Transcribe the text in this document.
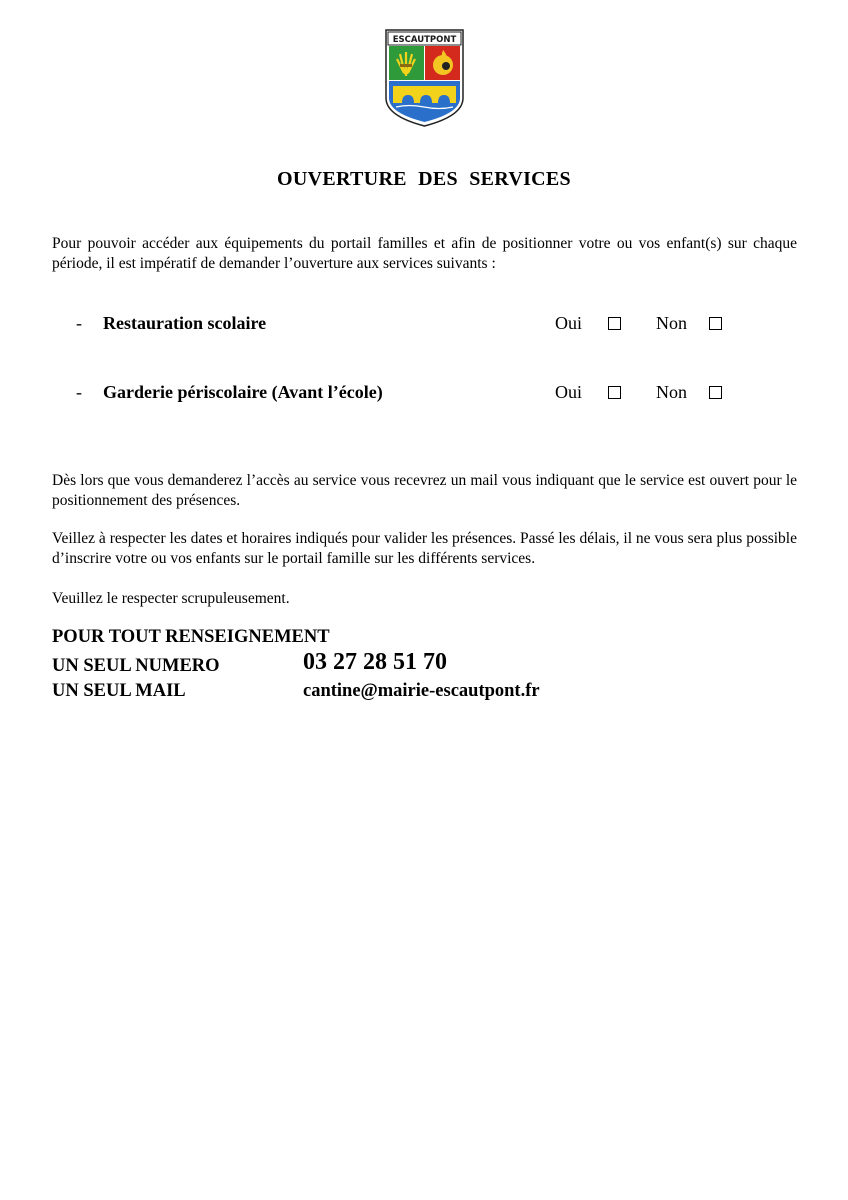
ESCAUTPONT
OUVERTURE DES SERVICES

Pour pouvoir accéder aux équipements du portail familles et afin de positionner votre ou vos enfant(s) sur chaque période, il est impératif de demander l’ouverture aux services suivants :

- Restauration scolaire	Oui	Non
- Garderie périscolaire (Avant l’école)	Oui	Non

Dès lors que vous demanderez l’accès au service vous recevrez un mail vous indiquant que le service est ouvert pour le positionnement des présences.

Veillez à respecter les dates et horaires indiqués pour valider les présences. Passé les délais, il ne vous sera plus possible d’inscrire votre ou vos enfants sur le portail famille sur les différents services.

Veuillez le respecter scrupuleusement.

POUR TOUT RENSEIGNEMENT
UN SEUL NUMERO	03 27 28 51 70
UN SEUL MAIL	cantine@mairie-escautpont.fr
